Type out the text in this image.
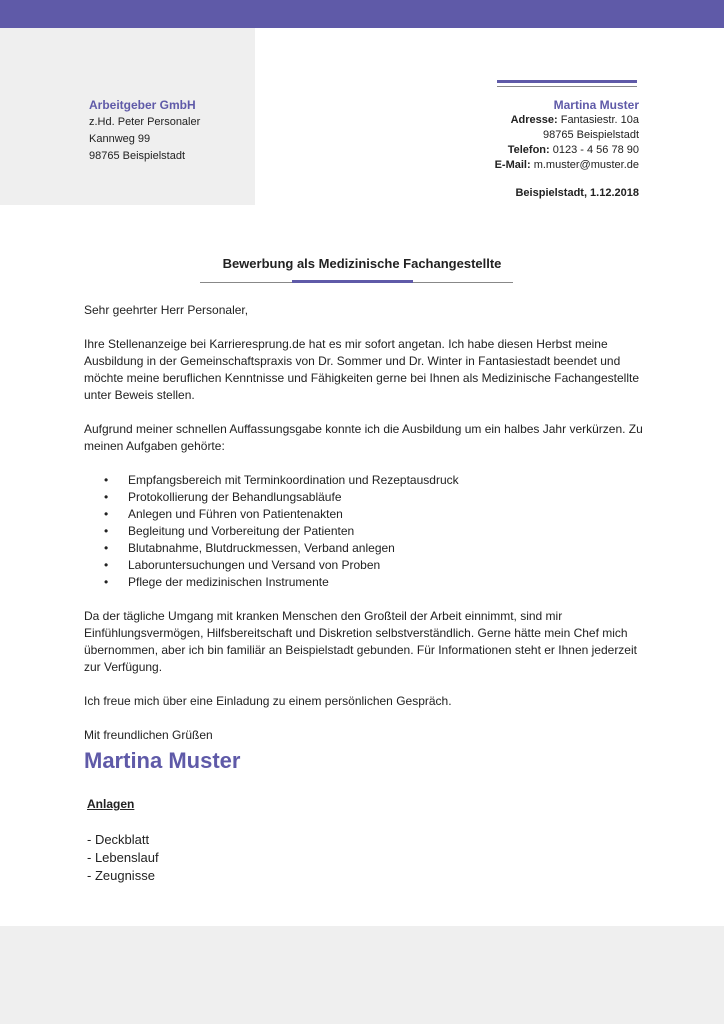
Arbeitgeber GmbH
z.Hd. Peter Personaler
Kannweg 99
98765 Beispielstadt
Martina Muster
Adresse: Fantasiestr. 10a
98765 Beispielstadt
Telefon: 0123 - 4 56 78 90
E-Mail: m.muster@muster.de
Beispielstadt, 1.12.2018
Bewerbung als Medizinische Fachangestellte

Sehr geehrter Herr Personaler,

Ihre Stellenanzeige bei Karrieresprung.de hat es mir sofort angetan. Ich habe diesen Herbst meine Ausbildung in der Gemeinschaftspraxis von Dr. Sommer und Dr. Winter in Fantasiestadt beendet und möchte meine beruflichen Kenntnisse und Fähigkeiten gerne bei Ihnen als Medizinische Fachangestellte unter Beweis stellen.

Aufgrund meiner schnellen Auffassungsgabe konnte ich die Ausbildung um ein halbes Jahr verkürzen. Zu meinen Aufgaben gehörte:

• Empfangsbereich mit Terminkoordination und Rezeptausdruck
• Protokollierung der Behandlungsabläufe
• Anlegen und Führen von Patientenakten
• Begleitung und Vorbereitung der Patienten
• Blutabnahme, Blutdruckmessen, Verband anlegen
• Laboruntersuchungen und Versand von Proben
• Pflege der medizinischen Instrumente

Da der tägliche Umgang mit kranken Menschen den Großteil der Arbeit einnimmt, sind mir Einfühlungsvermögen, Hilfsbereitschaft und Diskretion selbstverständlich. Gerne hätte mein Chef mich übernommen, aber ich bin familiär an Beispielstadt gebunden. Für Informationen steht er Ihnen jederzeit zur Verfügung.

Ich freue mich über eine Einladung zu einem persönlichen Gespräch.

Mit freundlichen Grüßen

Martina Muster
Anlagen
- Deckblatt
- Lebenslauf
- Zeugnisse
